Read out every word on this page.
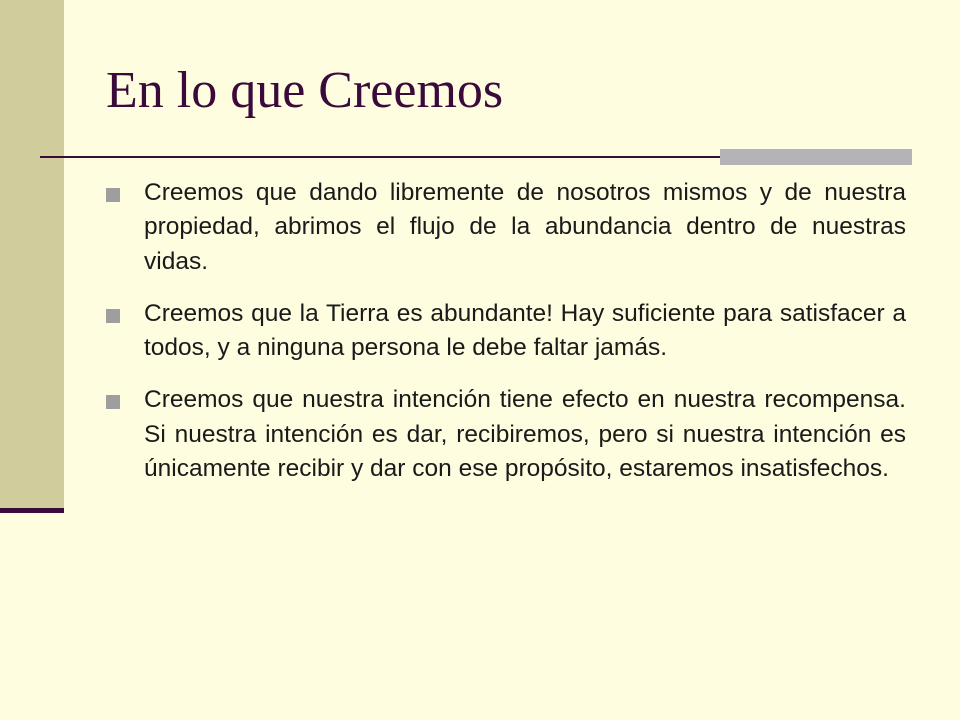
En lo que Creemos
Creemos que dando libremente de nosotros mismos y de nuestra propiedad, abrimos el flujo de la abundancia dentro de nuestras vidas.
Creemos que la Tierra es abundante! Hay suficiente para satisfacer a todos, y a ninguna persona le debe faltar jamás.
Creemos que nuestra intención tiene efecto en nuestra recompensa. Si nuestra intención es dar, recibiremos, pero si nuestra intención es únicamente recibir y dar con ese propósito, estaremos insatisfechos.
